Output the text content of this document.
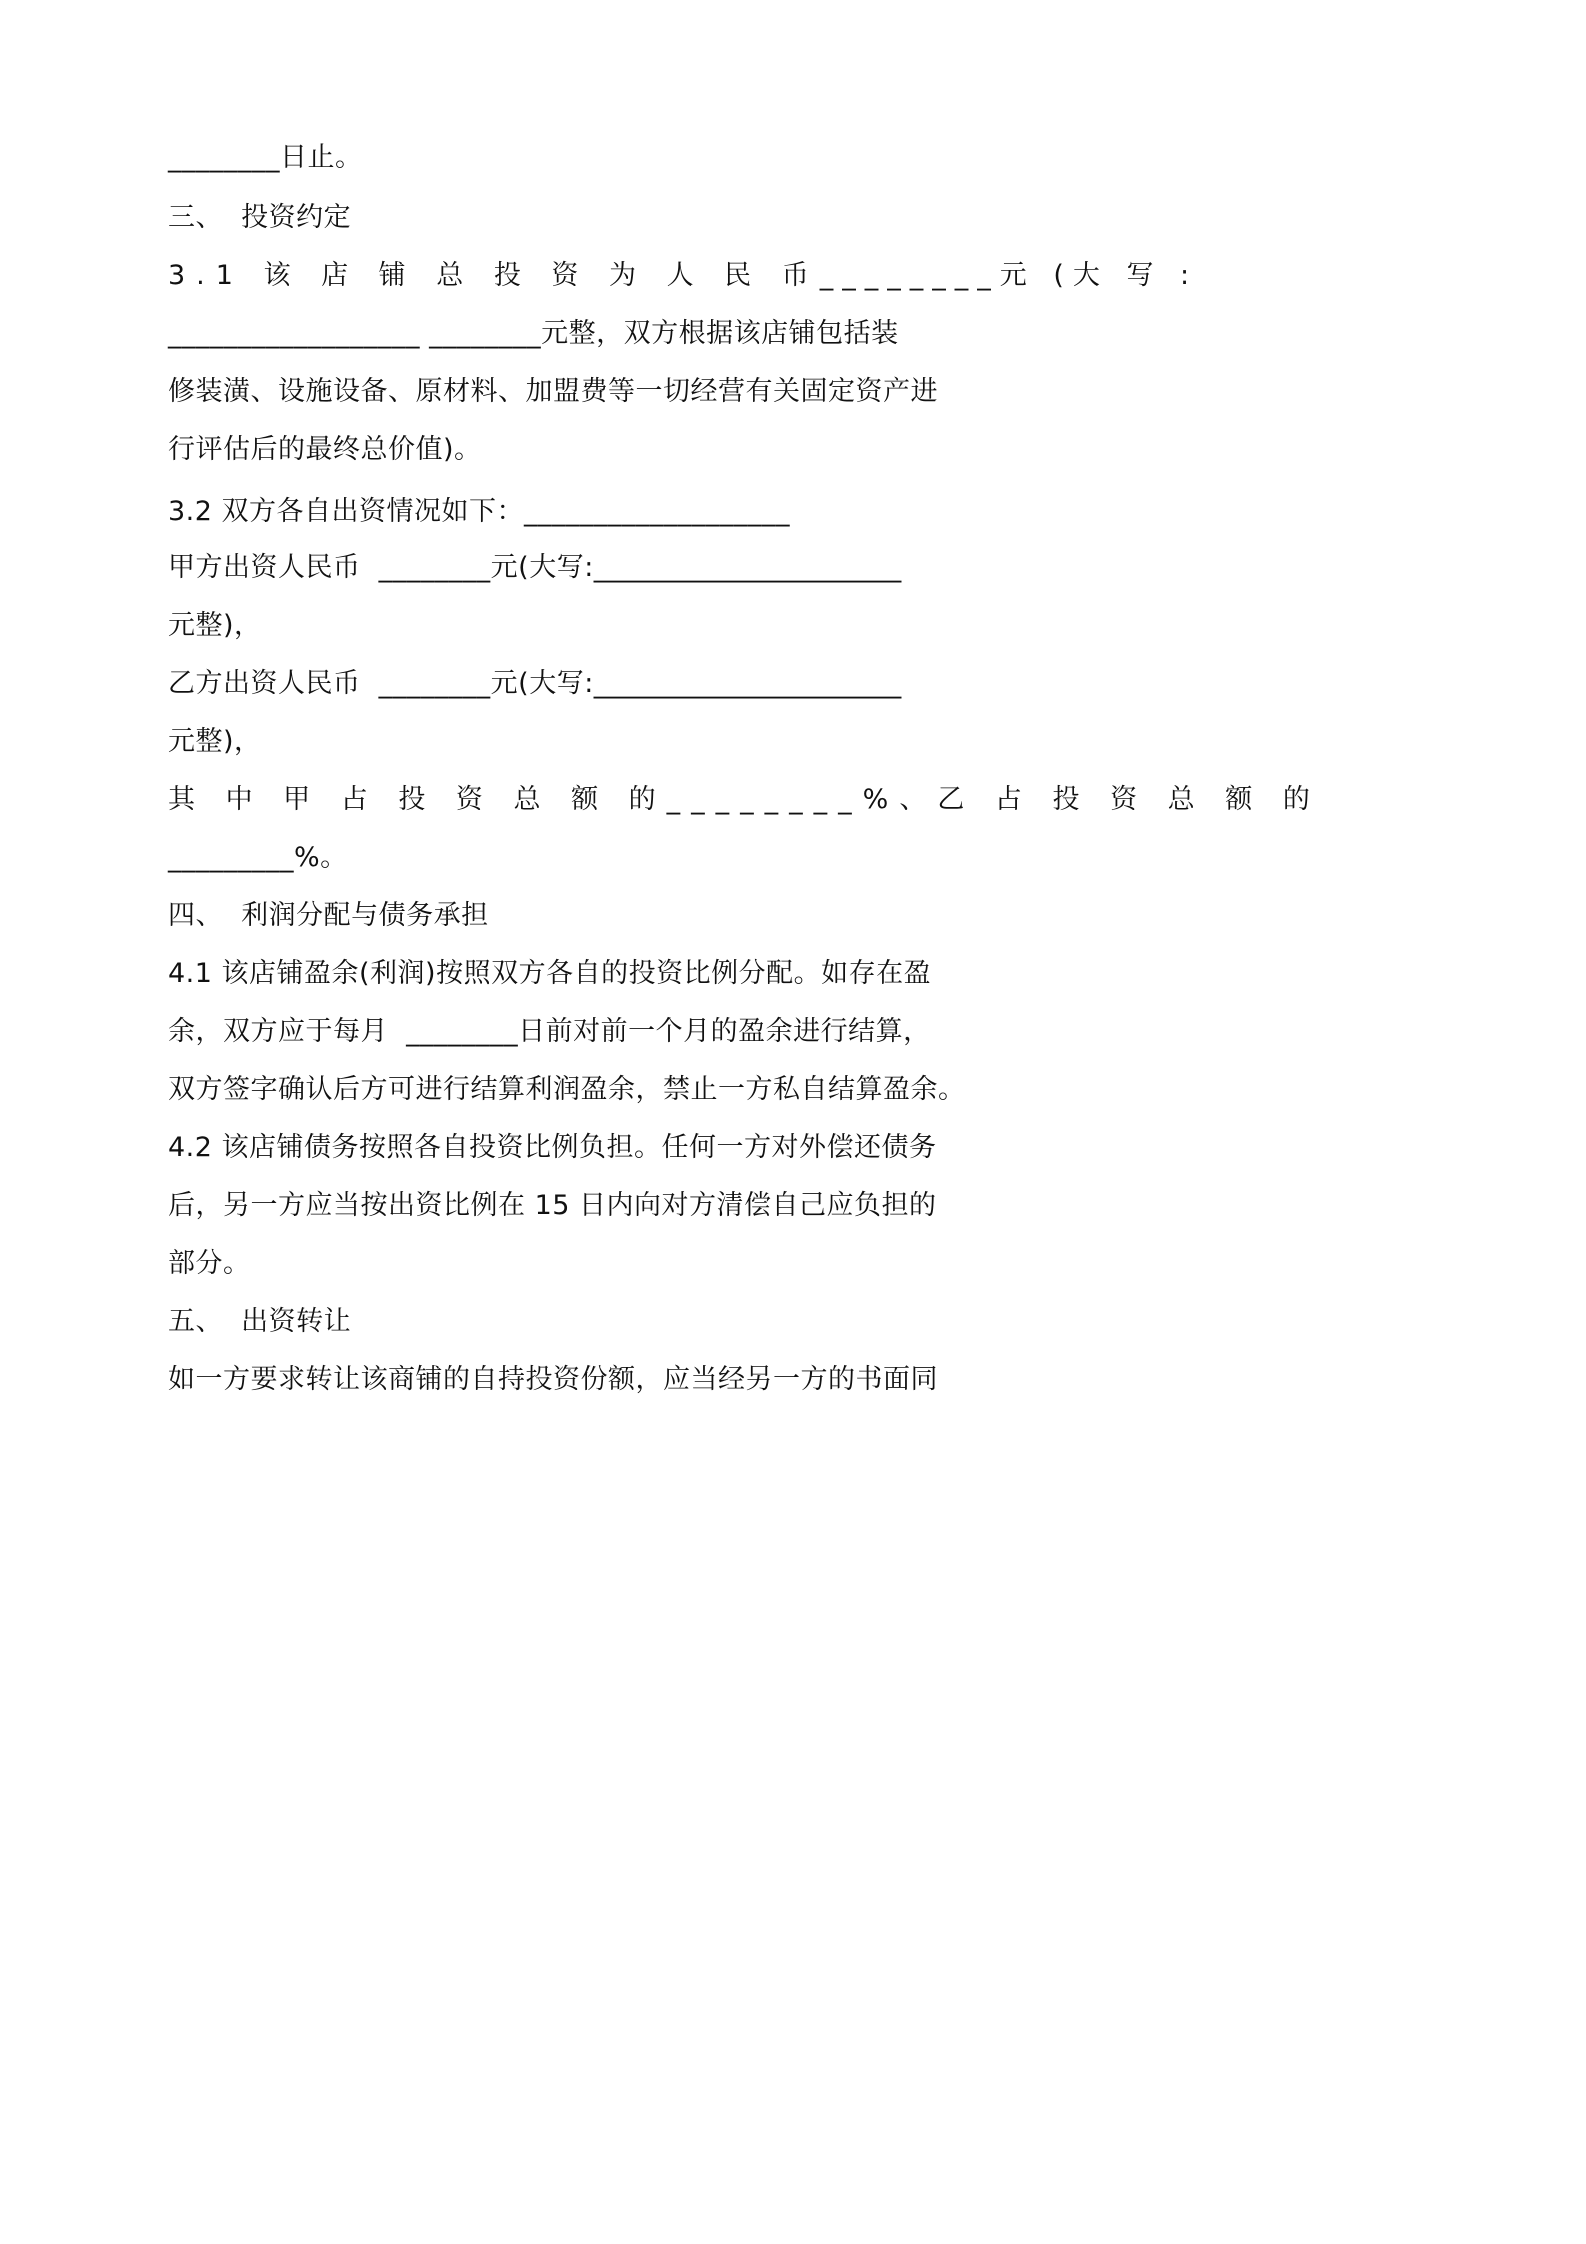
________日止。
三、  投资约定
3.1 该 店 铺 总 投 资 为 人 民 币 ________元 (大 写 :
__________________ ________元整，双方根据该店铺包括装
修装潢、设施设备、原材料、加盟费等一切经营有关固定资产进
行评估后的最终总价值)。
3.2 双方各自出资情况如下：___________________
甲方出资人民币  ________元(大写:______________________
元整)，
乙方出资人民币  ________元(大写:______________________
元整)，
其 中 甲 占 投 资 总 额 的 ________%、乙 占 投 资 总 额 的
_________%。
四、  利润分配与债务承担
4.1 该店铺盈余(利润)按照双方各自的投资比例分配。如存在盈
余，双方应于每月  ________日前对前一个月的盈余进行结算，
双方签字确认后方可进行结算利润盈余，禁止一方私自结算盈余。
4.2 该店铺债务按照各自投资比例负担。任何一方对外偿还债务
后，另一方应当按出资比例在 15 日内向对方清偿自己应负担的
部分。
五、  出资转让
如一方要求转让该商铺的自持投资份额，应当经另一方的书面同
